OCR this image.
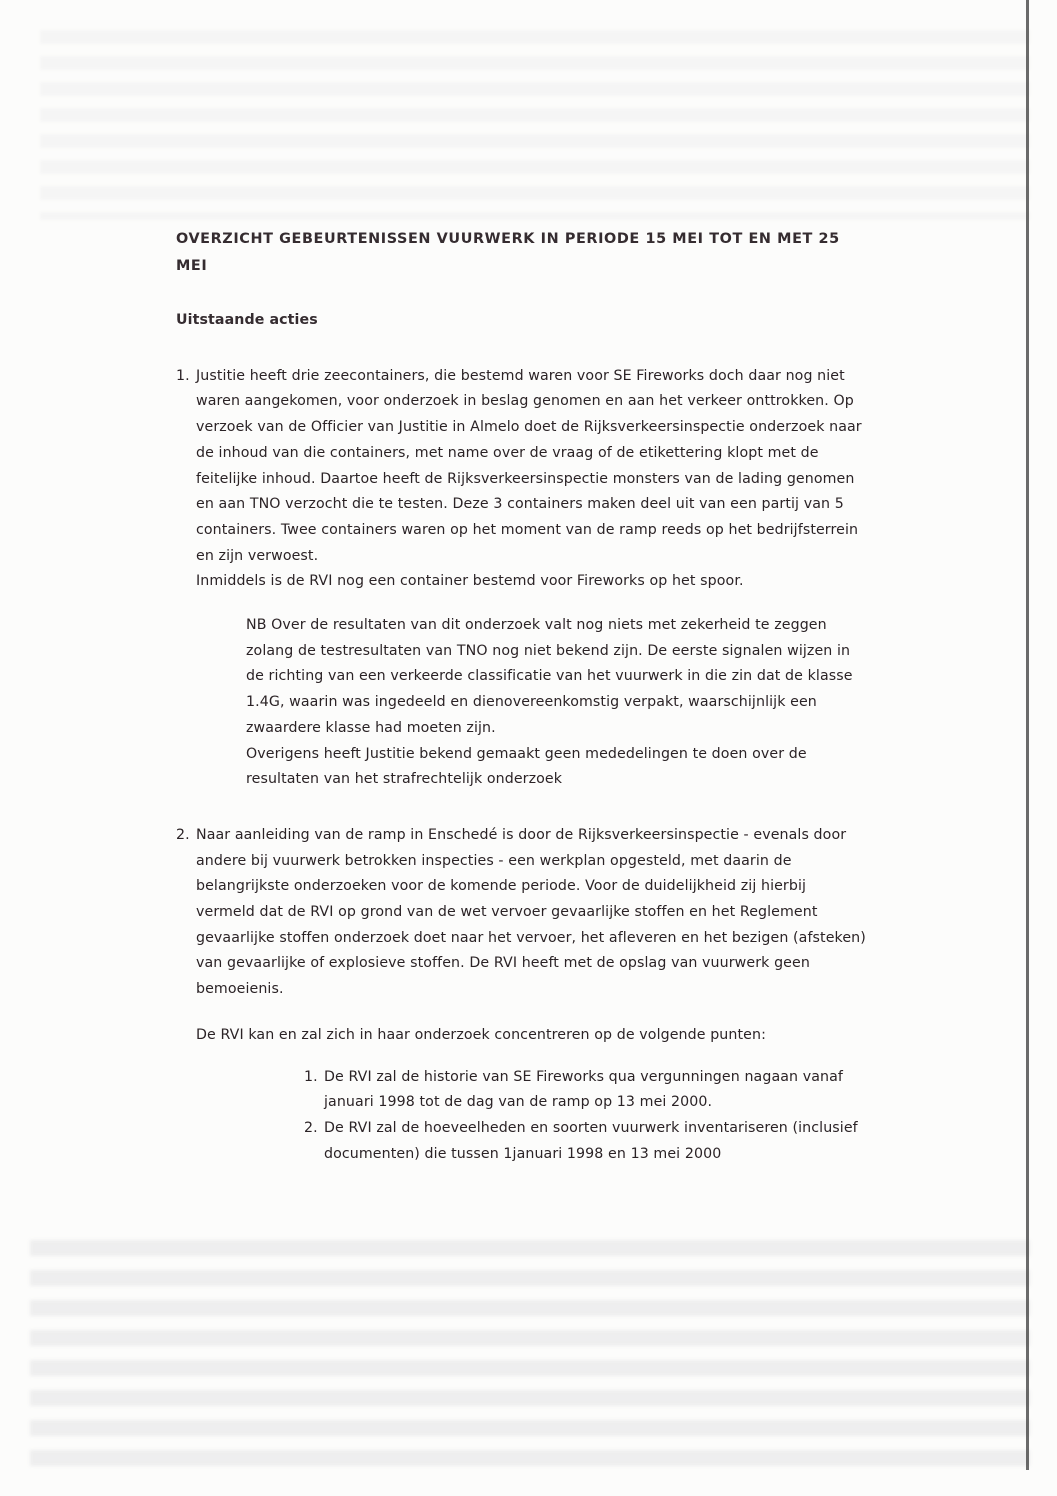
OVERZICHT GEBEURTENISSEN VUURWERK IN PERIODE 15 MEI TOT EN MET 25 MEI

Uitstaande acties
1. Justitie heeft drie zeecontainers, die bestemd waren voor SE Fireworks doch daar nog niet waren aangekomen, voor onderzoek in beslag genomen en aan het verkeer onttrokken. Op verzoek van de Officier van Justitie in Almelo doet de Rijksverkeersinspectie onderzoek naar de inhoud van die containers, met name over de vraag of de etikettering klopt met de feitelijke inhoud. Daartoe heeft de Rijksverkeersinspectie monsters van de lading genomen en aan TNO verzocht die te testen. Deze 3 containers maken deel uit van een partij van 5 containers. Twee containers waren op het moment van de ramp reeds op het bedrijfsterrein en zijn verwoest.
Inmiddels is de RVI nog een container bestemd voor Fireworks op het spoor.
NB Over de resultaten van dit onderzoek valt nog niets met zekerheid te zeggen zolang de testresultaten van TNO nog niet bekend zijn. De eerste signalen wijzen in de richting van een verkeerde classificatie van het vuurwerk in die zin dat de klasse 1.4G, waarin was ingedeeld en dienovereenkomstig verpakt, waarschijnlijk een zwaardere klasse had moeten zijn.
Overigens heeft Justitie bekend gemaakt geen mededelingen te doen over de resultaten van het strafrechtelijk onderzoek
2. Naar aanleiding van de ramp in Enschedé is door de Rijksverkeersinspectie - evenals door andere bij vuurwerk betrokken inspecties - een werkplan opgesteld, met daarin de belangrijkste onderzoeken voor de komende periode. Voor de duidelijkheid zij hierbij vermeld dat de RVI op grond van de wet vervoer gevaarlijke stoffen en het Reglement gevaarlijke stoffen onderzoek doet naar het vervoer, het afleveren en het bezigen (afsteken) van gevaarlijke of explosieve stoffen. De RVI heeft met de opslag van vuurwerk geen bemoeienis.
De RVI kan en zal zich in haar onderzoek concentreren op de volgende punten:
1. De RVI zal de historie van SE Fireworks qua vergunningen nagaan vanaf januari 1998 tot de dag van de ramp op 13 mei 2000.
2. De RVI zal de hoeveelheden en soorten vuurwerk inventariseren (inclusief documenten) die tussen 1januari 1998 en 13 mei 2000
